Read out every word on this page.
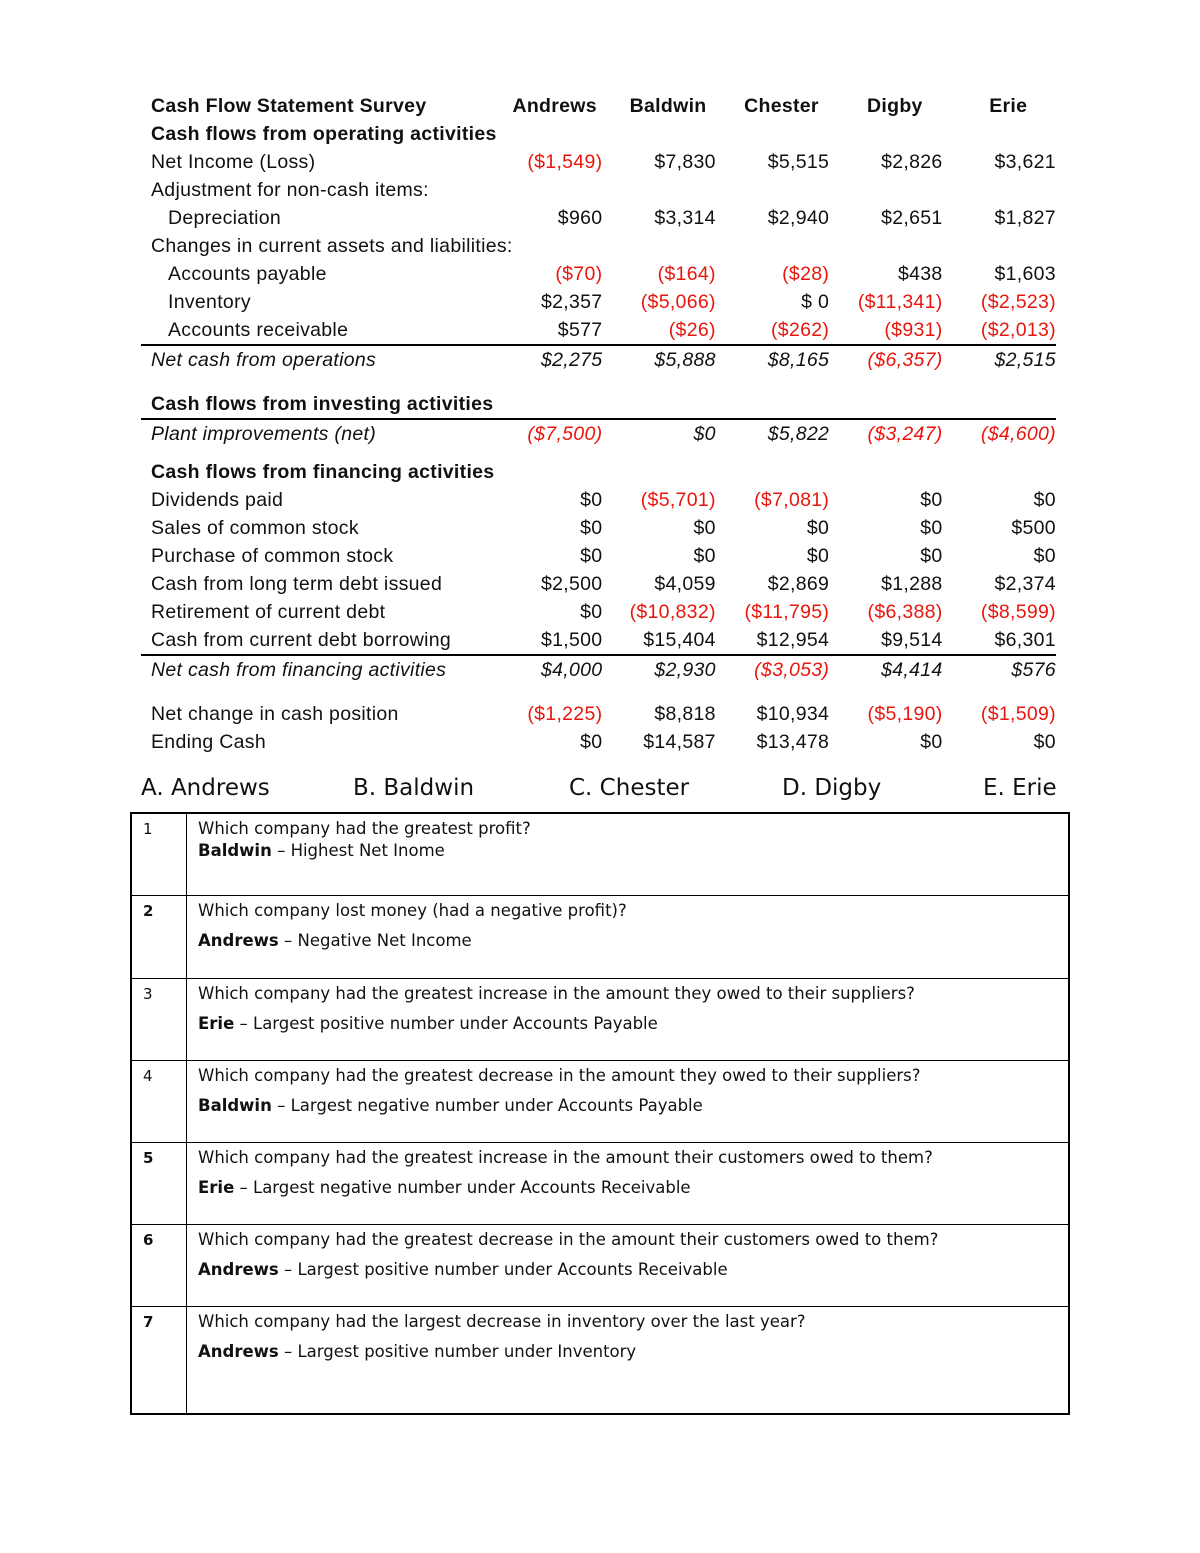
Cash Flow Statement Survey	Andrews	Baldwin	Chester	Digby	Erie
Cash flows from operating activities
Net Income (Loss)	($1,549)	$7,830	$5,515	$2,826	$3,621
Adjustment for non-cash items:
Depreciation	$960	$3,314	$2,940	$2,651	$1,827
Changes in current assets and liabilities:
Accounts payable	($70)	($164)	($28)	$438	$1,603
Inventory	$2,357	($5,066)	$ 0	($11,341)	($2,523)
Accounts receivable	$577	($26)	($262)	($931)	($2,013)
Net cash from operations	$2,275	$5,888	$8,165	($6,357)	$2,515
Cash flows from investing activities
Plant improvements (net)	($7,500)	$0	$5,822	($3,247)	($4,600)
Cash flows from financing activities
Dividends paid	$0	($5,701)	($7,081)	$0	$0
Sales of common stock	$0	$0	$0	$0	$500
Purchase of common stock	$0	$0	$0	$0	$0
Cash from long term debt issued	$2,500	$4,059	$2,869	$1,288	$2,374
Retirement of current debt	$0	($10,832)	($11,795)	($6,388)	($8,599)
Cash from current debt borrowing	$1,500	$15,404	$12,954	$9,514	$6,301
Net cash from financing activities	$4,000	$2,930	($3,053)	$4,414	$576
Net change in cash position	($1,225)	$8,818	$10,934	($5,190)	($1,509)
Ending Cash	$0	$14,587	$13,478	$0	$0
A. Andrews	B. Baldwin	C. Chester	D. Digby	E. Erie
1	Which company had the greatest profit?
Baldwin – Highest Net Inome

2	Which company lost money (had a negative profit)?
Andrews – Negative Net Income

3	Which company had the greatest increase in the amount they owed to their suppliers?
Erie – Largest positive number under Accounts Payable

4	Which company had the greatest decrease in the amount they owed to their suppliers?
Baldwin – Largest negative number under Accounts Payable

5	Which company had the greatest increase in the amount their customers owed to them?
Erie – Largest negative number under Accounts Receivable

6	Which company had the greatest decrease in the amount their customers owed to them?
Andrews – Largest positive number under Accounts Receivable

7	Which company had the largest decrease in inventory over the last year?
Andrews – Largest positive number under Inventory
